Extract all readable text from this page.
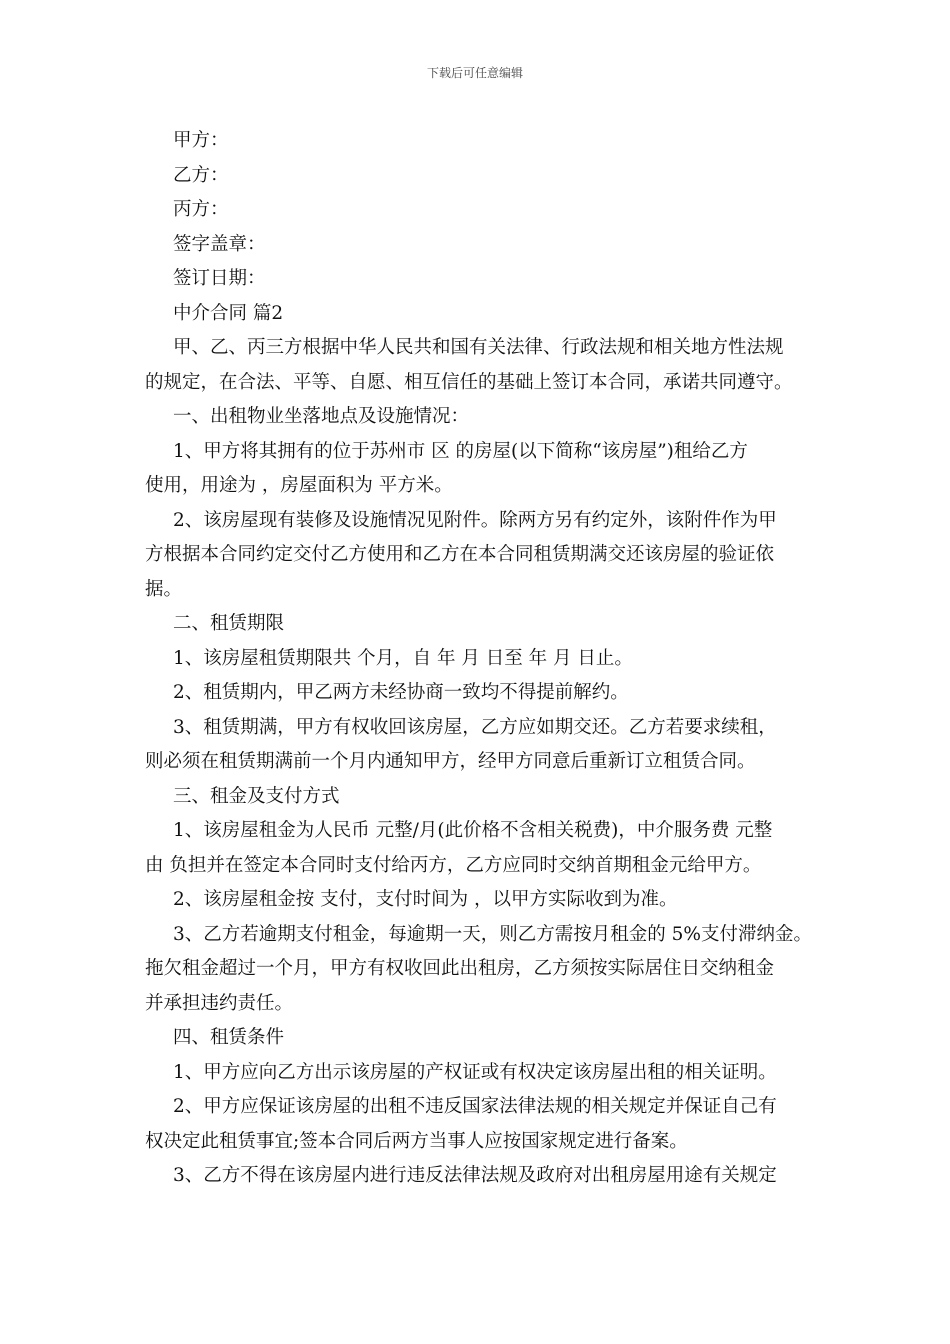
下载后可任意编辑

甲方：

乙方：

丙方：

签字盖章：

签订日期：

中介合同 篇2

甲、乙、丙三方根据中华人民共和国有关法律、行政法规和相关地方性法规

的规定，在合法、平等、自愿、相互信任的基础上签订本合同，承诺共同遵守。

一、出租物业坐落地点及设施情况：

1、甲方将其拥有的位于苏州市 区 的房屋(以下简称“该房屋”)租给乙方

使用，用途为 ，房屋面积为 平方米。

2、该房屋现有装修及设施情况见附件。除两方另有约定外，该附件作为甲

方根据本合同约定交付乙方使用和乙方在本合同租赁期满交还该房屋的验证依

据。

二、租赁期限

1、该房屋租赁期限共 个月，自 年 月 日至 年 月 日止。

2、租赁期内，甲乙两方未经协商一致均不得提前解约。

3、租赁期满，甲方有权收回该房屋，乙方应如期交还。乙方若要求续租，

则必须在租赁期满前一个月内通知甲方，经甲方同意后重新订立租赁合同。

三、租金及支付方式

1、该房屋租金为人民币 元整/月(此价格不含相关税费)，中介服务费 元整

由 负担并在签定本合同时支付给丙方，乙方应同时交纳首期租金元给甲方。

2、该房屋租金按 支付，支付时间为 ，以甲方实际收到为准。

3、乙方若逾期支付租金，每逾期一天，则乙方需按月租金的 5%支付滞纳金。

拖欠租金超过一个月，甲方有权收回此出租房，乙方须按实际居住日交纳租金

并承担违约责任。

四、租赁条件

1、甲方应向乙方出示该房屋的产权证或有权决定该房屋出租的相关证明。

2、甲方应保证该房屋的出租不违反国家法律法规的相关规定并保证自己有

权决定此租赁事宜;签本合同后两方当事人应按国家规定进行备案。

3、乙方不得在该房屋内进行违反法律法规及政府对出租房屋用途有关规定
